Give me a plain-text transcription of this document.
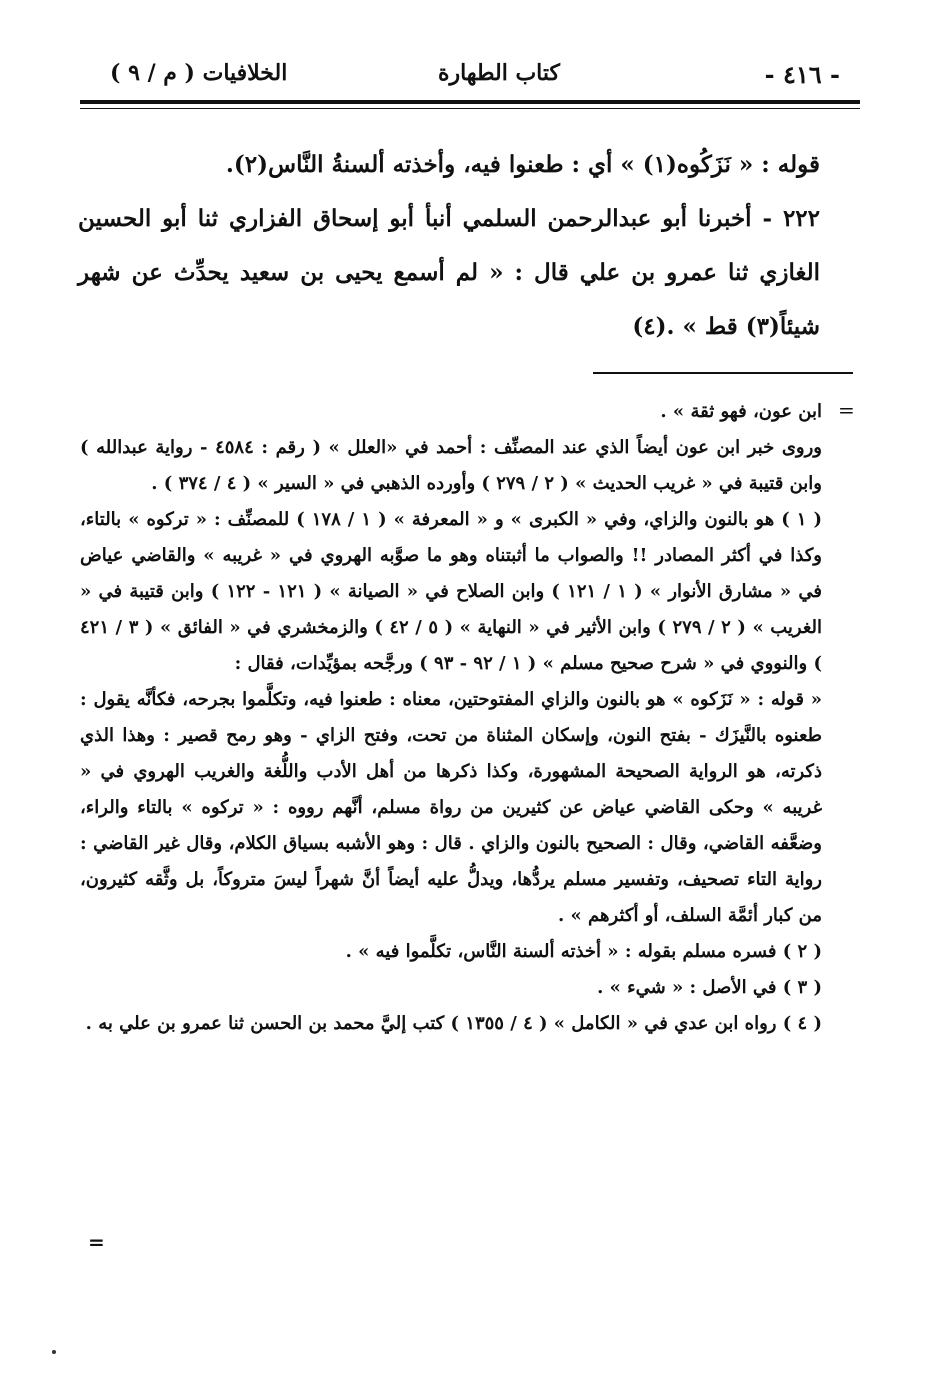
- ٤١٦ -
كتاب الطهارة
الخلافيات ( م / ٩ )

قوله : « نَزَكُوه(١) » أي : طعنوا فيه، وأخذته ألسنةُ النَّاس(٢).

٢٢٢ - أخبرنا أبو عبدالرحمن السلمي أنبأ أبو إسحاق الفزاري ثنا أبو الحسين الغازي ثنا عمرو بن علي قال : « لم أسمع يحيى بن سعيد يحدِّث عن شهر شيئاً(٣) قط » .(٤)

=

ابن عون، فهو ثقة » .

وروى خبر ابن عون أيضاً الذي عند المصنِّف : أحمد في «العلل » ( رقم : ٤٥٨٤ - رواية عبدالله ) وابن قتيبة في « غريب الحديث » ( ٢ / ٢٧٩ ) وأورده الذهبي في « السير » ( ٤ / ٣٧٤ ) .

( ١ ) هو بالنون والزاي، وفي « الكبرى » و « المعرفة » ( ١ / ١٧٨ ) للمصنِّف : « تركوه » بالتاء، وكذا في أكثر المصادر !! والصواب ما أثبتناه وهو ما صوَّبه الهروي في « غريبه » والقاضي عياض في « مشارق الأنوار » ( ١ / ١٢١ ) وابن الصلاح في « الصيانة » ( ١٢١ - ١٢٢ ) وابن قتيبة في « الغريب » ( ٢ / ٢٧٩ ) وابن الأثير في « النهاية » ( ٥ / ٤٢ ) والزمخشري في « الفائق » ( ٣ / ٤٢١ ) والنووي في « شرح صحيح مسلم » ( ١ / ٩٢ - ٩٣ ) ورجَّحه بمؤيِّدات، فقال :

« قوله : « نَزَكوه » هو بالنون والزاي المفتوحتين، معناه : طعنوا فيه، وتكلَّموا بجرحه، فكأنَّه يقول : طعنوه بالنَّيزَك - بفتح النون، وإسكان المثناة من تحت، وفتح الزاي - وهو رمح قصير : وهذا الذي ذكرته، هو الرواية الصحيحة المشهورة، وكذا ذكرها من أهل الأدب واللُّغة والغريب الهروي في « غريبه » وحكى القاضي عياض عن كثيرين من رواة مسلم، أنَّهم رووه : « تركوه » بالتاء والراء، وضعَّفه القاضي، وقال : الصحيح بالنون والزاي . قال : وهو الأشبه بسياق الكلام، وقال غير القاضي : رواية التاء تصحيف، وتفسير مسلم يردُّها، ويدلُّ عليه أيضاً أنَّ شهراً ليسَ متروكاً، بل وثَّقه كثيرون، من كبار أئمَّة السلف، أو أكثرهم » .

( ٢ ) فسره مسلم بقوله : « أخذته ألسنة النَّاس، تكلَّموا فيه » .

( ٣ ) في الأصل : « شيء » .

( ٤ ) رواه ابن عدي في « الكامل » ( ٤ / ١٣٥٥ ) كتب إليَّ محمد بن الحسن ثنا عمرو بن علي به .

=
